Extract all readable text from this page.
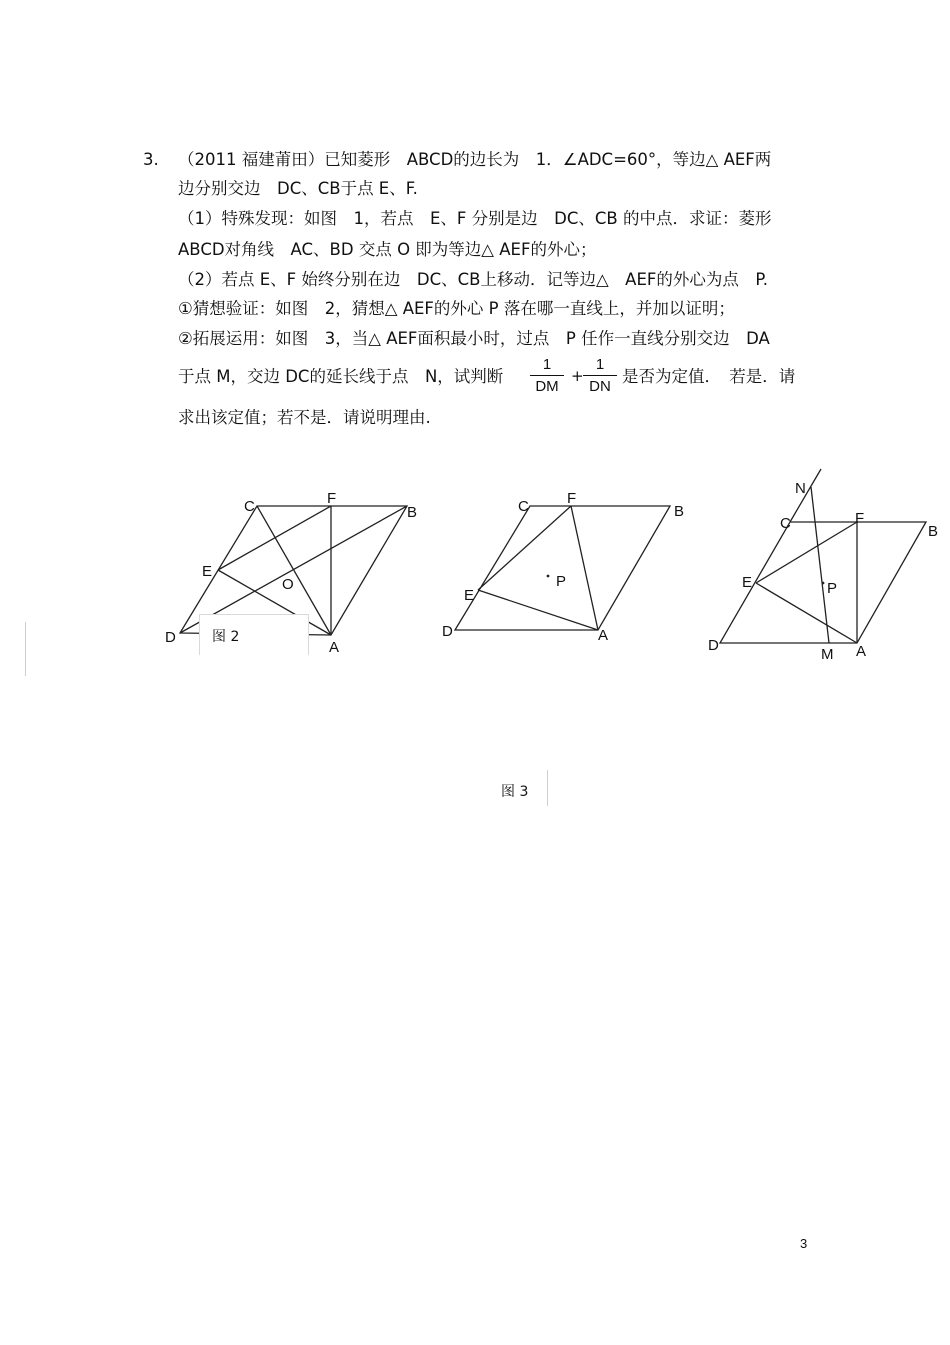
3. （2011 福建莆田）已知菱形　ABCD的边长为　1．∠ADC=60°，等边△ AEF两
边分别交边　DC、CB于点 E、F.
（1）特殊发现：如图　1，若点　E、F 分别是边　DC、CB 的中点．求证：菱形
ABCD对角线　AC、BD 交点 O 即为等边△ AEF的外心；
（2）若点 E、F 始终分别在边　DC、CB上移动．记等边△　AEF的外心为点　P.
①猜想验证：如图　2，猜想△ AEF的外心 P 落在哪一直线上，并加以证明；
②拓展运用：如图　3，当△ AEF面积最小时，过点　P 任作一直线分别交边　DA
于点 M，交边 DC的延长线于点　N，试判断 $\frac{1}{DM} + \frac{1}{DN}$ 是否为定值．　若是．请
求出该定值；若不是．请说明理由.
C	F
B
E
O
D
A
C	F
B
E
P
D	A
N
C	F
B
E	P
D
M A
图 2
图 3
3
